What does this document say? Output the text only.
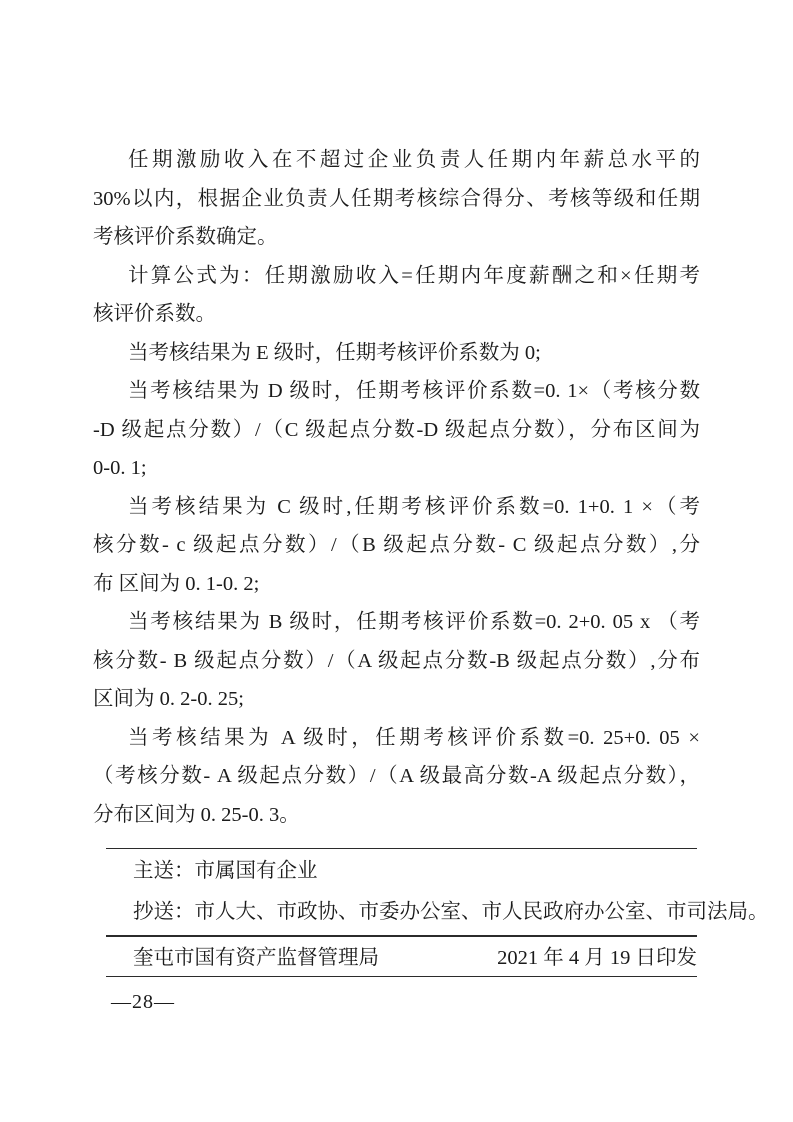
任期激励收入在不超过企业负责人任期内年薪总水平的
30%以内，根据企业负责人任期考核综合得分、考核等级和任期
考核评价系数确定。
计算公式为：任期激励收入=任期内年度薪酬之和×任期考
核评价系数。
当考核结果为 E 级时，任期考核评价系数为 0;
当考核结果为 D 级时，任期考核评价系数=0. 1×（考核分数
-D 级起点分数）/（C 级起点分数-D 级起点分数），分布区间为
0-0. 1;
当考核结果为 C 级时,任期考核评价系数=0. 1+0. 1 ×（考
核分数- c 级起点分数）/（B 级起点分数- C 级起点分数）,分
布 区间为 0. 1-0. 2;
当考核结果为 B 级时，任期考核评价系数=0. 2+0. 05 x （考
核分数- B 级起点分数）/（A 级起点分数-B 级起点分数）,分布
区间为 0. 2-0. 25;
当考核结果为 A 级时，任期考核评价系数=0. 25+0. 05 ×
（考核分数- A 级起点分数）/（A 级最高分数-A 级起点分数），
分布区间为 0. 25-0. 3。
主送：市属国有企业
抄送：市人大、市政协、市委办公室、市人民政府办公室、市司法局。
奎屯市国有资产监督管理局	2021 年 4 月 19 日印发
—28—
